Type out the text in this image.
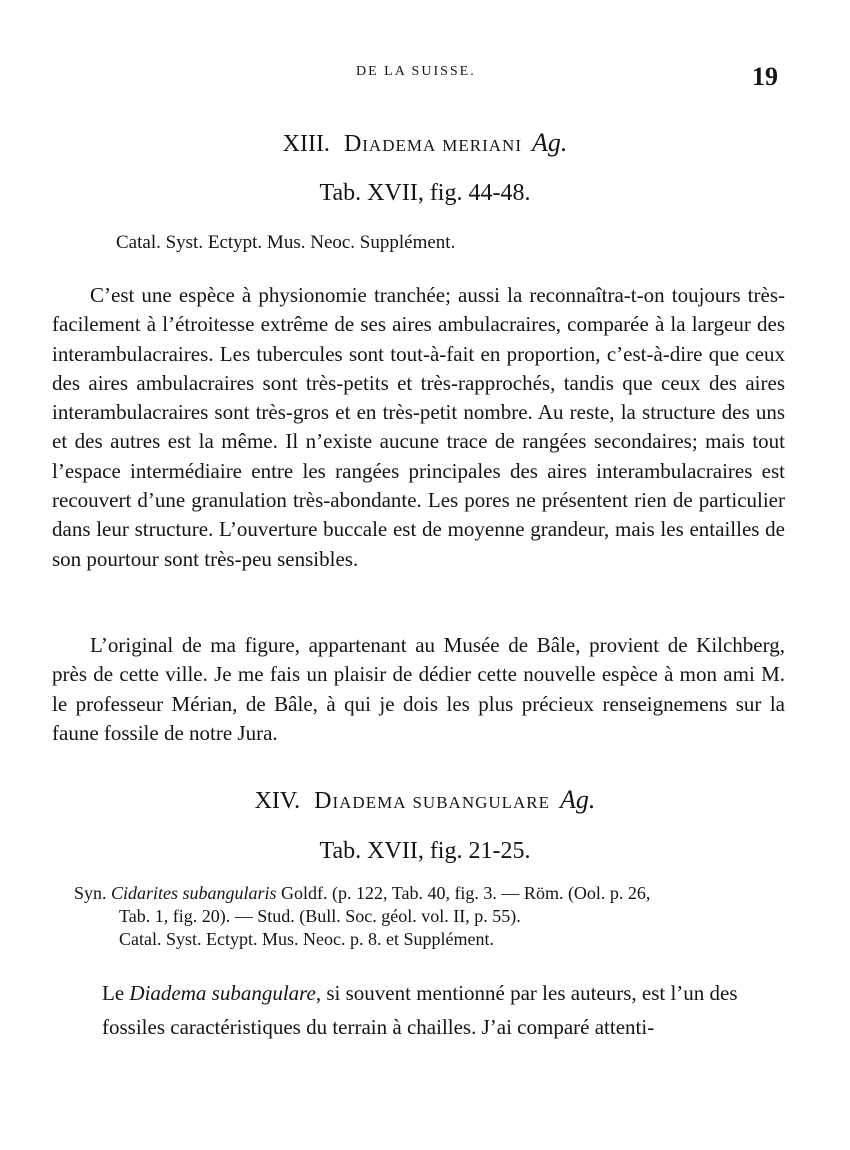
DE LA SUISSE.	19
XIII. Diadema meriani Ag.
Tab. XVII, fig. 44-48.
Catal. Syst. Ectypt. Mus. Neoc. Supplément.

C’est une espèce à physionomie tranchée; aussi la reconnaîtra-t-on toujours très-facilement à l’étroitesse extrême de ses aires ambulacraires, comparée à la largeur des interambulacraires. Les tubercules sont tout-à-fait en proportion, c’est-à-dire que ceux des aires ambulacraires sont très-petits et très-rapprochés, tandis que ceux des aires interambulacraires sont très-gros et en très-petit nombre. Au reste, la structure des uns et des autres est la même. Il n’existe aucune trace de rangées secondaires; mais tout l’espace intermédiaire entre les rangées principales des aires interambulacraires est recouvert d’une granulation très-abondante. Les pores ne présentent rien de particulier dans leur structure. L’ouverture buccale est de moyenne grandeur, mais les entailles de son pourtour sont très-peu sensibles.

L’original de ma figure, appartenant au Musée de Bâle, provient de Kilchberg, près de cette ville. Je me fais un plaisir de dédier cette nouvelle espèce à mon ami M. le professeur Mérian, de Bâle, à qui je dois les plus précieux renseignemens sur la faune fossile de notre Jura.

XIV. Diadema subangulare Ag.
Tab. XVII, fig. 21-25.
Syn. Cidarites subangularis Goldf. (p. 122, Tab. 40, fig. 3. — Röm. (Ool. p. 26,
Tab. 1, fig. 20). — Stud. (Bull. Soc. géol. vol. II, p. 55).
Catal. Syst. Ectypt. Mus. Neoc. p. 8. et Supplément.

Le Diadema subangulare, si souvent mentionné par les auteurs, est l’un des fossiles caractéristiques du terrain à chailles. J’ai comparé attenti-
